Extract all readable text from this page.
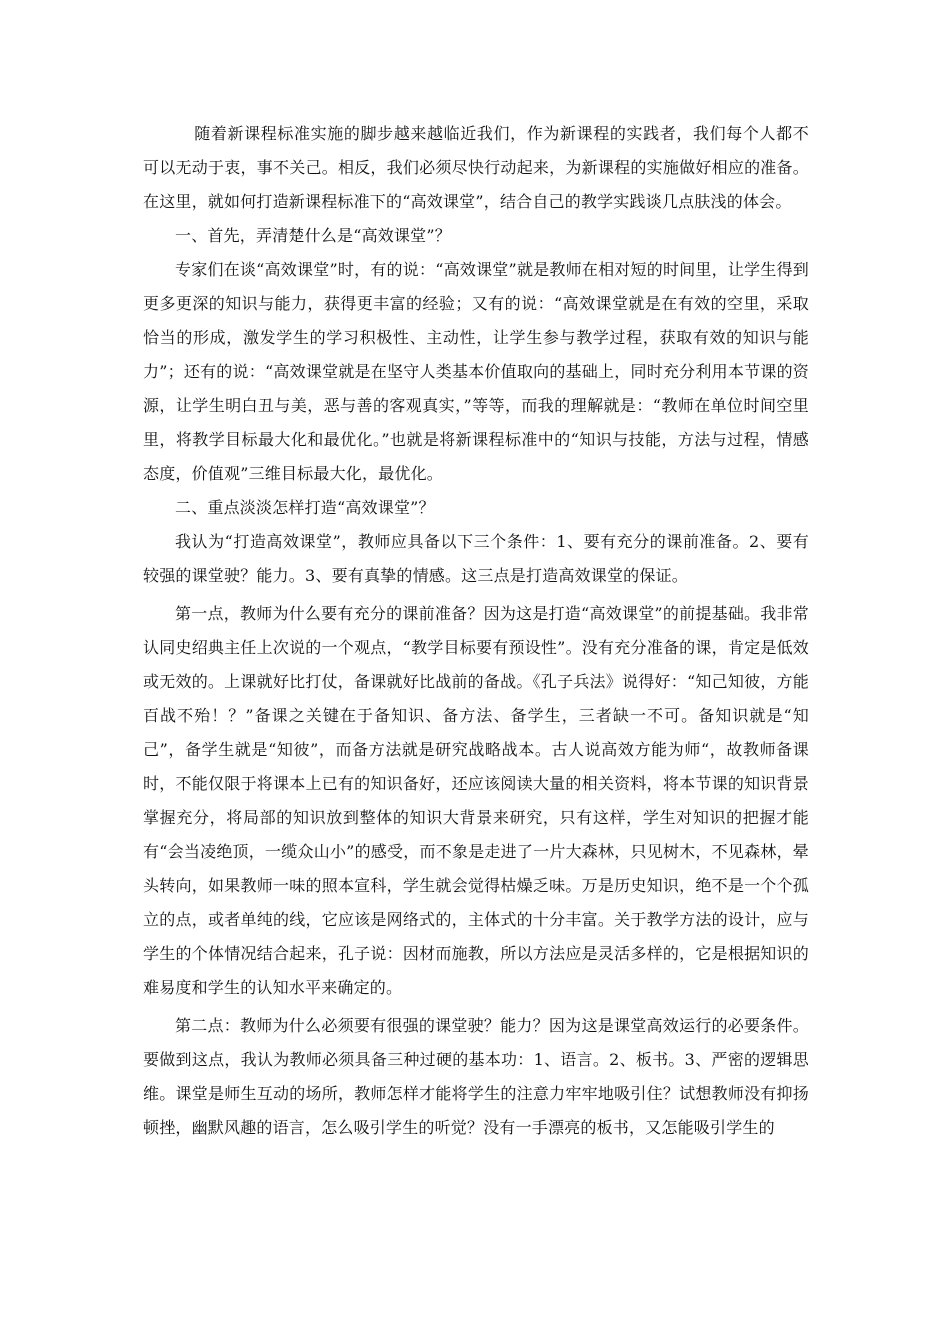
随着新课程标准实施的脚步越来越临近我们，作为新课程的实践者，我们每个人都不可以无动于衷，事不关己。相反，我们必须尽快行动起来，为新课程的实施做好相应的准备。在这里，就如何打造新课程标准下的“高效课堂”，结合自己的教学实践谈几点肤浅的体会。

一、首先，弄清楚什么是“高效课堂”？

专家们在谈“高效课堂”时，有的说：“高效课堂”就是教师在相对短的时间里，让学生得到更多更深的知识与能力，获得更丰富的经验；又有的说：“高效课堂就是在有效的空里，采取恰当的形成，激发学生的学习积极性、主动性，让学生参与教学过程，获取有效的知识与能力”；还有的说：“高效课堂就是在坚守人类基本价值取向的基础上，同时充分利用本节课的资源，让学生明白丑与美，恶与善的客观真实，”等等，而我的理解就是：“教师在单位时间空里里，将教学目标最大化和最优化。”也就是将新课程标准中的“知识与技能，方法与过程，情感态度，价值观”三维目标最大化，最优化。

二、重点淡淡怎样打造“高效课堂”？

我认为“打造高效课堂”，教师应具备以下三个条件：1、要有充分的课前准备。2、要有较强的课堂驶？能力。3、要有真挚的情感。这三点是打造高效课堂的保证。

第一点，教师为什么要有充分的课前准备？因为这是打造“高效课堂”的前提基础。我非常认同史绍典主任上次说的一个观点，“教学目标要有预设性”。没有充分准备的课，肯定是低效或无效的。上课就好比打仗，备课就好比战前的备战。《孔子兵法》说得好：“知己知彼，方能百战不殆！？”备课之关键在于备知识、备方法、备学生，三者缺一不可。备知识就是“知己”，备学生就是“知彼”，而备方法就是研究战略战本。古人说高效方能为师“，故教师备课时，不能仅限于将课本上已有的知识备好，还应该阅读大量的相关资料，将本节课的知识背景掌握充分，将局部的知识放到整体的知识大背景来研究，只有这样，学生对知识的把握才能有“会当凌绝顶，一缆众山小”的感受，而不象是走进了一片大森林，只见树木，不见森林，晕头转向，如果教师一味的照本宣科，学生就会觉得枯燥乏味。万是历史知识，绝不是一个个孤立的点，或者单纯的线，它应该是网络式的，主体式的十分丰富。关于教学方法的设计，应与学生的个体情况结合起来，孔子说：因材而施教，所以方法应是灵活多样的，它是根据知识的难易度和学生的认知水平来确定的。

第二点：教师为什么必须要有很强的课堂驶？能力？因为这是课堂高效运行的必要条件。要做到这点，我认为教师必须具备三种过硬的基本功：1、语言。2、板书。3、严密的逻辑思维。课堂是师生互动的场所，教师怎样才能将学生的注意力牢牢地吸引住？试想教师没有抑扬顿挫，幽默风趣的语言，怎么吸引学生的听觉？没有一手漂亮的板书，又怎能吸引学生的
